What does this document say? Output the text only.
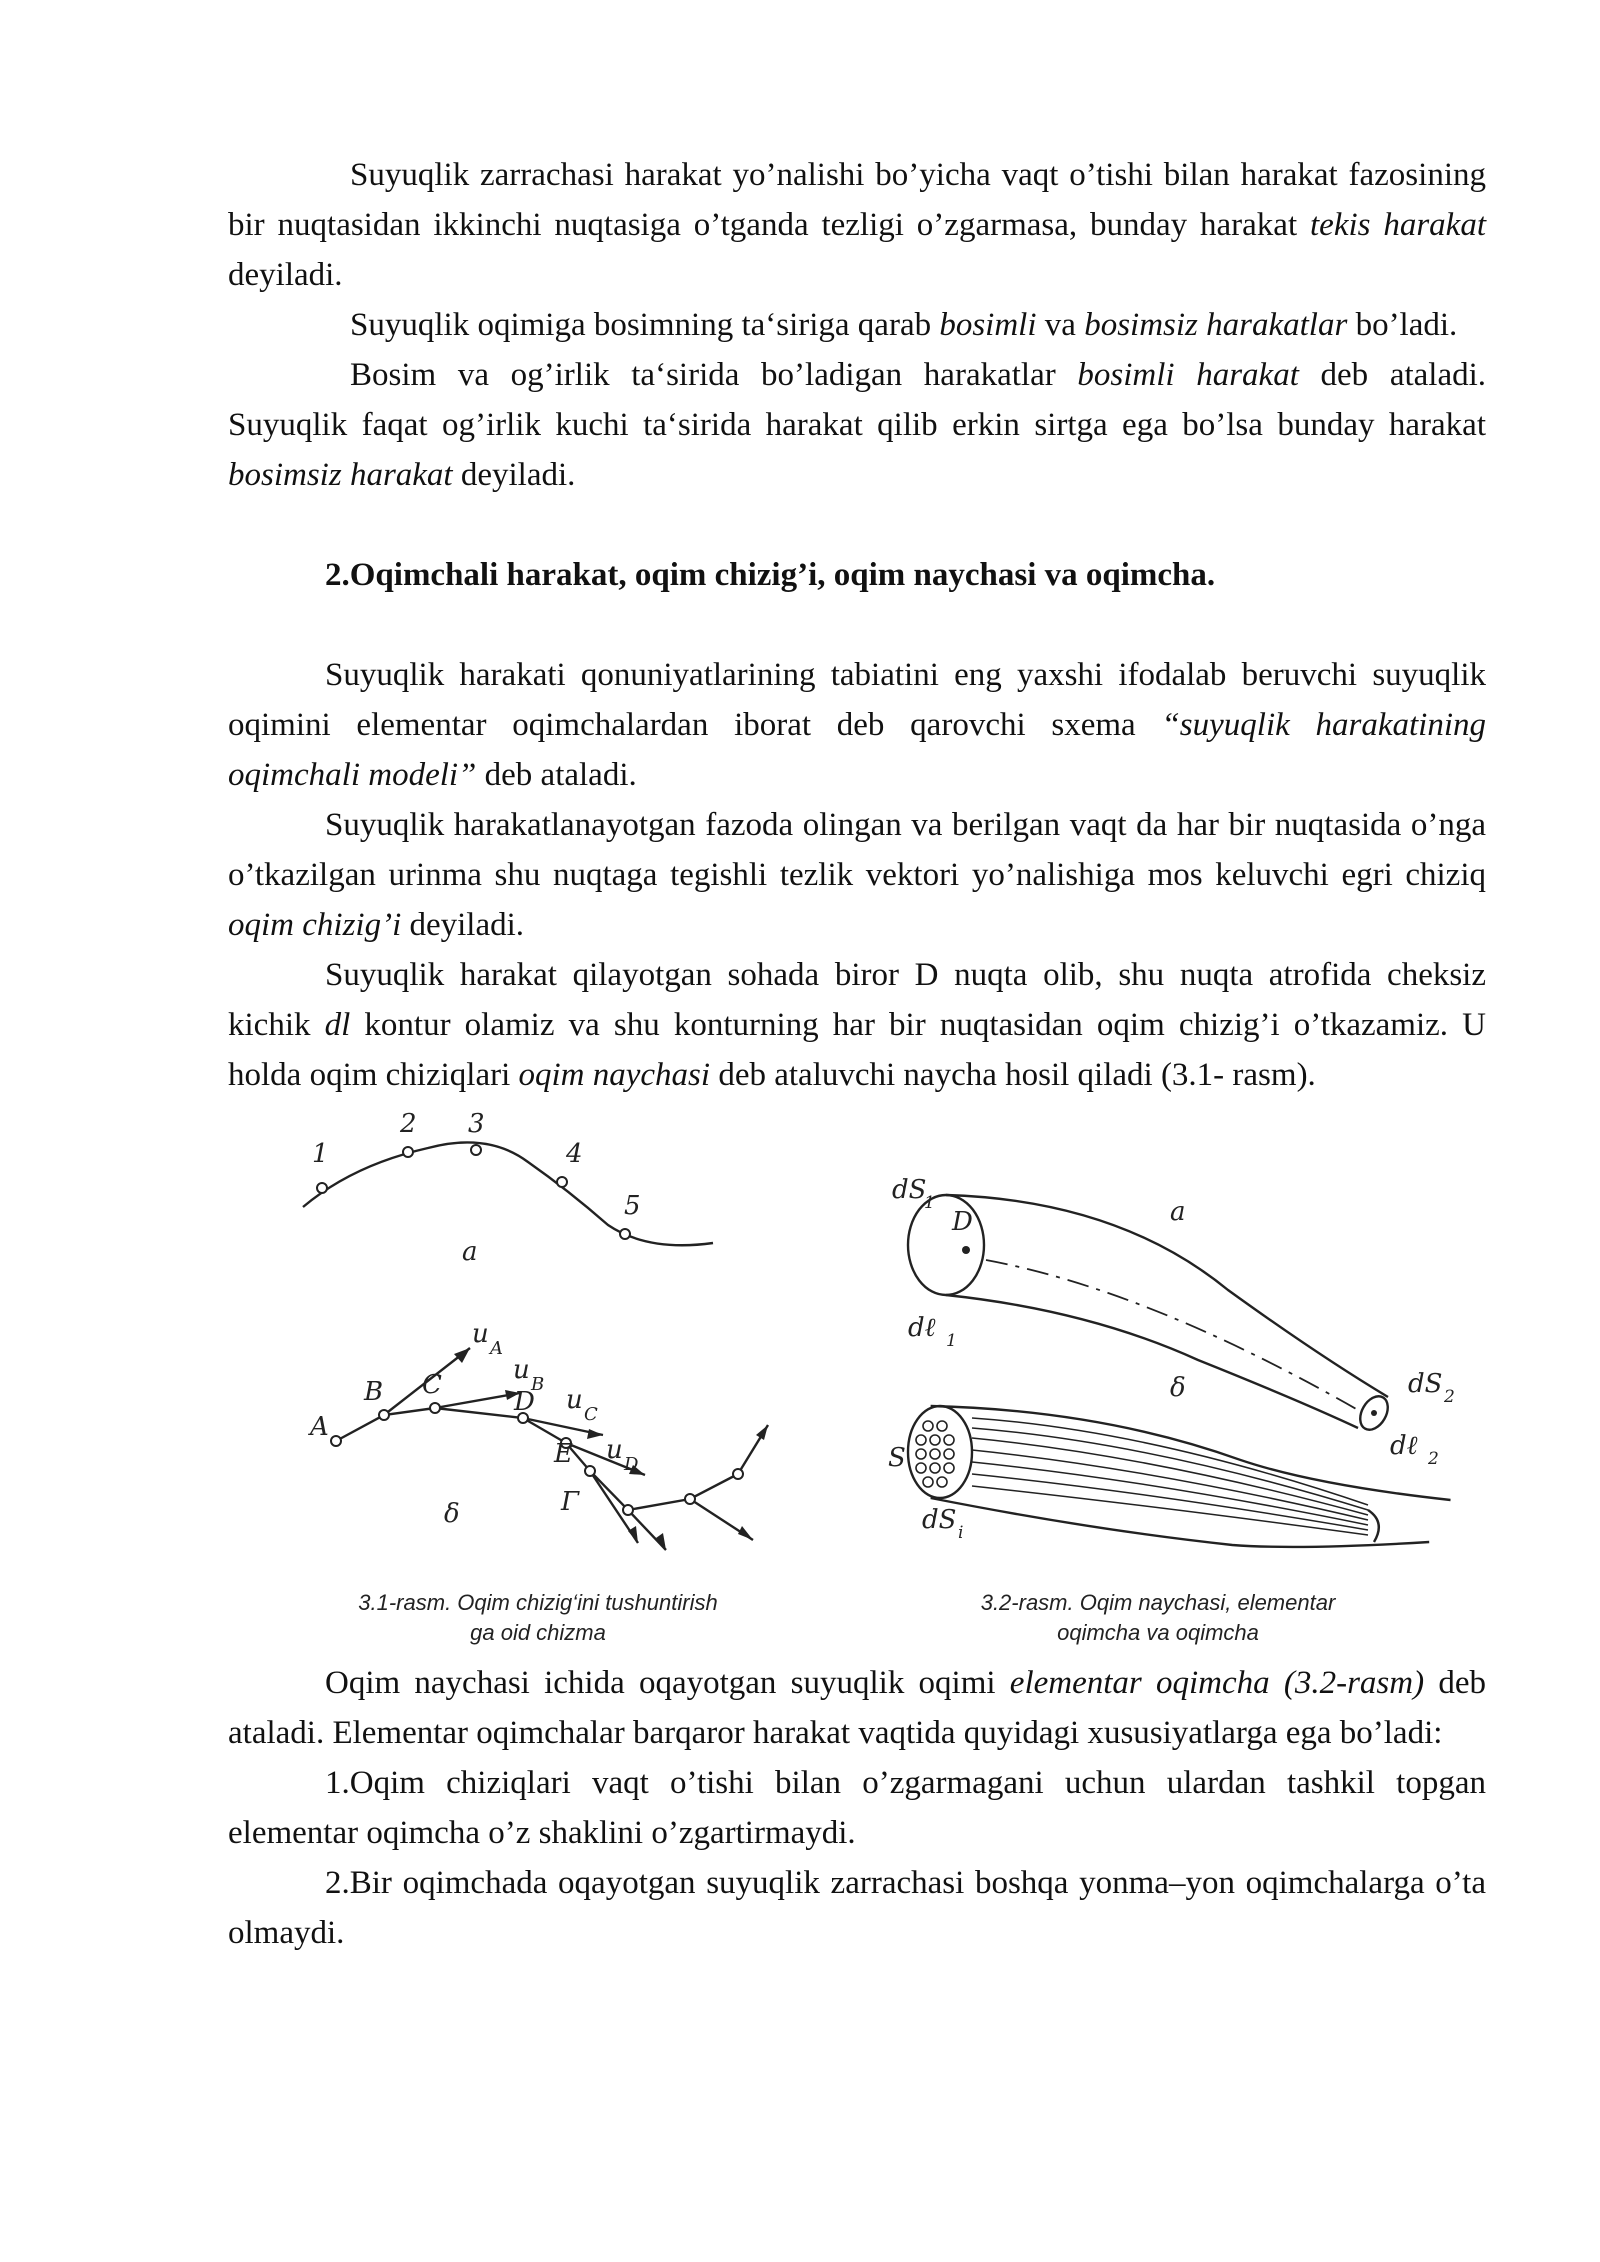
Suyuqlik zarrachasi harakat yo’nalishi bo’yicha vaqt o’tishi bilan harakat fazosining bir nuqtasidan ikkinchi nuqtasiga o’tganda tezligi o’zgarmasa, bunday harakat tekis harakat deyiladi.

Suyuqlik oqimiga bosimning ta‘siriga qarab bosimli va bosimsiz harakatlar bo’ladi.

Bosim va og’irlik ta‘sirida bo’ladigan harakatlar bosimli harakat deb ataladi. Suyuqlik faqat og’irlik kuchi ta‘sirida harakat qilib erkin sirtga ega bo’lsa bunday harakat bosimsiz harakat deyiladi.

2.Oqimchali harakat, oqim chizig’i, oqim naychasi va oqimcha.

Suyuqlik harakati qonuniyatlarining tabiatini eng yaxshi ifodalab beruvchi suyuqlik oqimini elementar oqimchalardan iborat deb qarovchi sxema “suyuqlik harakatining oqimchali modeli” deb ataladi.

Suyuqlik harakatlanayotgan fazoda olingan va berilgan vaqt da har bir nuqtasida o’nga o’tkazilgan urinma shu nuqtaga tegishli tezlik vektori yo’nalishiga mos keluvchi egri chiziq oqim chizig’i deyiladi.

Suyuqlik harakat qilayotgan sohada biror D nuqta olib, shu nuqta atrofida cheksiz kichik dl kontur olamiz va shu konturning har bir nuqtasidan oqim chizig’i o’tkazamiz. U holda oqim chiziqlari oqim naychasi deb ataluvchi naycha hosil qiladi (3.1- rasm).

1
2 3
4
5
a
A
B C
D
E
Γ
u A
u B
u C
u D
δ
3.1-rasm. Oqim chizig‘ini tushuntirish
ga oid chizma
dS
1
D	a
dℓ 1
δ	dS 2
dℓ 2
S
dS i
3.2-rasm. Oqim naychasi, elementar
oqimcha va oqimcha

Oqim naychasi ichida oqayotgan suyuqlik oqimi elementar oqimcha (3.2-rasm) deb ataladi. Elementar oqimchalar barqaror harakat vaqtida quyidagi xususiyatlarga ega bo’ladi:

1.Oqim chiziqlari vaqt o’tishi bilan o’zgarmagani uchun ulardan tashkil topgan elementar oqimcha o’z shaklini o’zgartirmaydi.

2.Bir oqimchada oqayotgan suyuqlik zarrachasi boshqa yonma–yon oqimchalarga o’ta olmaydi.
